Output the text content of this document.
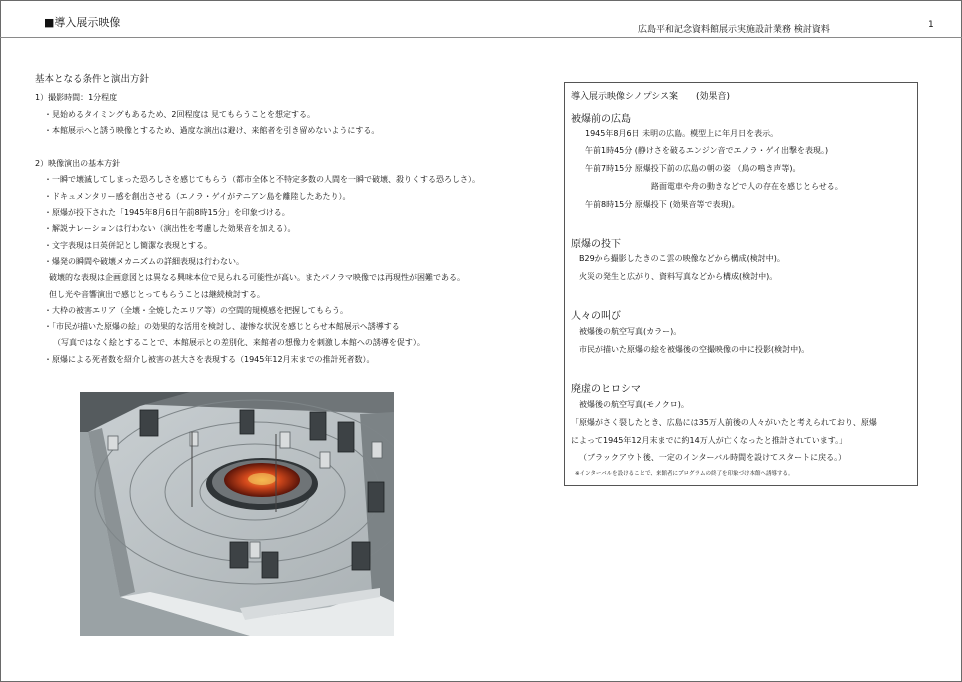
■導入展示映像
広島平和記念資料館展示実施設計業務 検討資料	1
基本となる条件と演出方針
1）撮影時間：1分程度
・見始めるタイミングもあるため、2回程度は 見てもらうことを想定する。
・本館展示へと誘う映像とするため、過度な演出は避け、来館者を引き留めないようにする。
2）映像演出の基本方針
・一瞬で壊滅してしまった恐ろしさを感じてもらう（都市全体と不特定多数の人間を一瞬で破壊、殺りくする恐ろしさ）。
・ドキュメンタリー感を創出させる（エノラ・ゲイがテニアン島を離陸したあたり）。
・原爆が投下された「1945年8月6日午前8時15分」を印象づける。
・解説ナレーションは行わない（演出性を考慮した効果音を加える）。
・文字表現は日英併記とし簡潔な表現とする。
・爆発の瞬間や破壊メカニズムの詳細表現は行わない。
破壊的な表現は企画意図とは異なる興味本位で見られる可能性が高い。またパノラマ映像では再現性が困難である。
但し光や音響演出で感じとってもらうことは継続検討する。
・大枠の被害エリア（全壊・全焼したエリア等）の空間的規模感を把握してもらう。
・「市民が描いた原爆の絵」の効果的な活用を検討し、凄惨な状況を感じとらせ本館展示へ誘導する
（写真ではなく絵とすることで、本館展示との差別化、来館者の想像力を刺激し本館への誘導を促す）。
・原爆による死者数を紹介し被害の甚大さを表現する（1945年12月末までの推計死者数）。
導入展示映像シノプシス案　　(効果音)
被爆前の広島
1945年8月6日 未明の広島。模型上に年月日を表示。
午前1時45分 (静けさを破るエンジン音でエノラ・ゲイ出撃を表現。)
午前7時15分 原爆投下前の広島の朝の姿 （鳥の鳴き声等)。
路面電車や舟の動きなどで人の存在を感じとらせる。
午前8時15分 原爆投下 (効果音等で表現)。
原爆の投下
B29から撮影したきのこ雲の映像などから構成(検討中)。
火災の発生と広がり、資料写真などから構成(検討中)。
人々の叫び
被爆後の航空写真(カラー)。
市民が描いた原爆の絵を被爆後の空撮映像の中に投影(検討中)。
廃虚のヒロシマ
被爆後の航空写真(モノクロ)。
「原爆がさく裂したとき、広島には35万人前後の人々がいたと考えられており、原爆
によって1945年12月末までに約14万人が亡くなったと推計されています。」
（ブラックアウト後、一定のインターバル時間を設けてスタートに戻る。）
※インターバルを設けることで、来館者にプログラムの終了を印象づけ本館へ誘導する。
